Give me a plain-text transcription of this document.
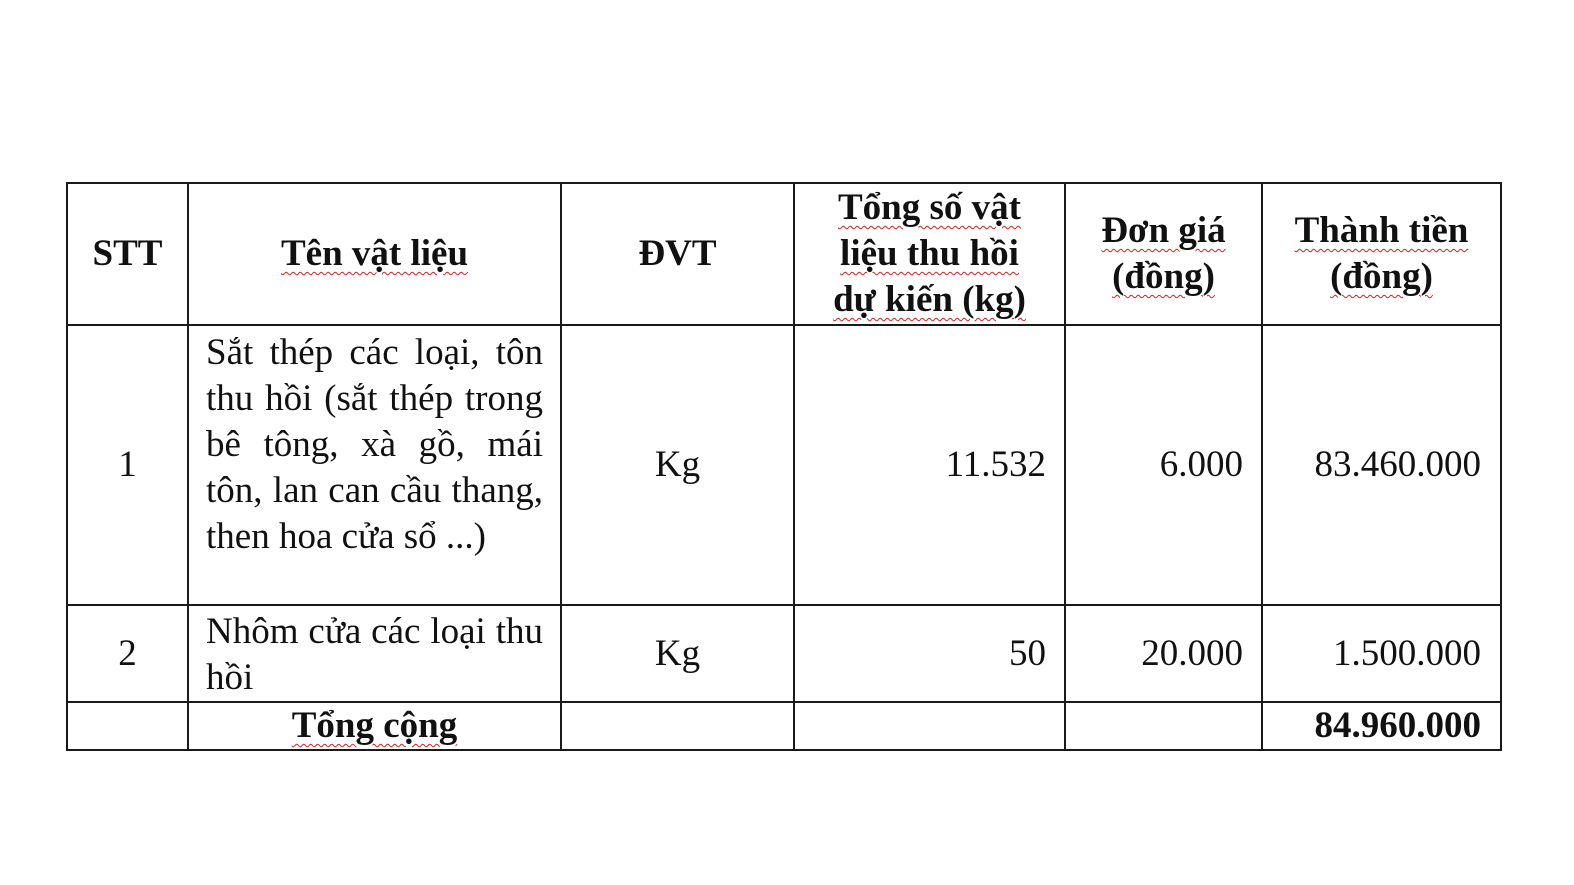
STT	Tên vật liệu	ĐVT	Tổng số vật liệu thu hồi dự kiến (kg)	Đơn giá (đồng)	Thành tiền (đồng)
1	Sắt thép các loại, tôn thu hồi (sắt thép trong bê tông, xà gồ, mái tôn, lan can cầu thang, then hoa cửa sổ ...)	Kg	11.532	6.000	83.460.000
2	Nhôm cửa các loại thu hồi	Kg	50	20.000	1.500.000
	Tổng cộng				84.960.000
